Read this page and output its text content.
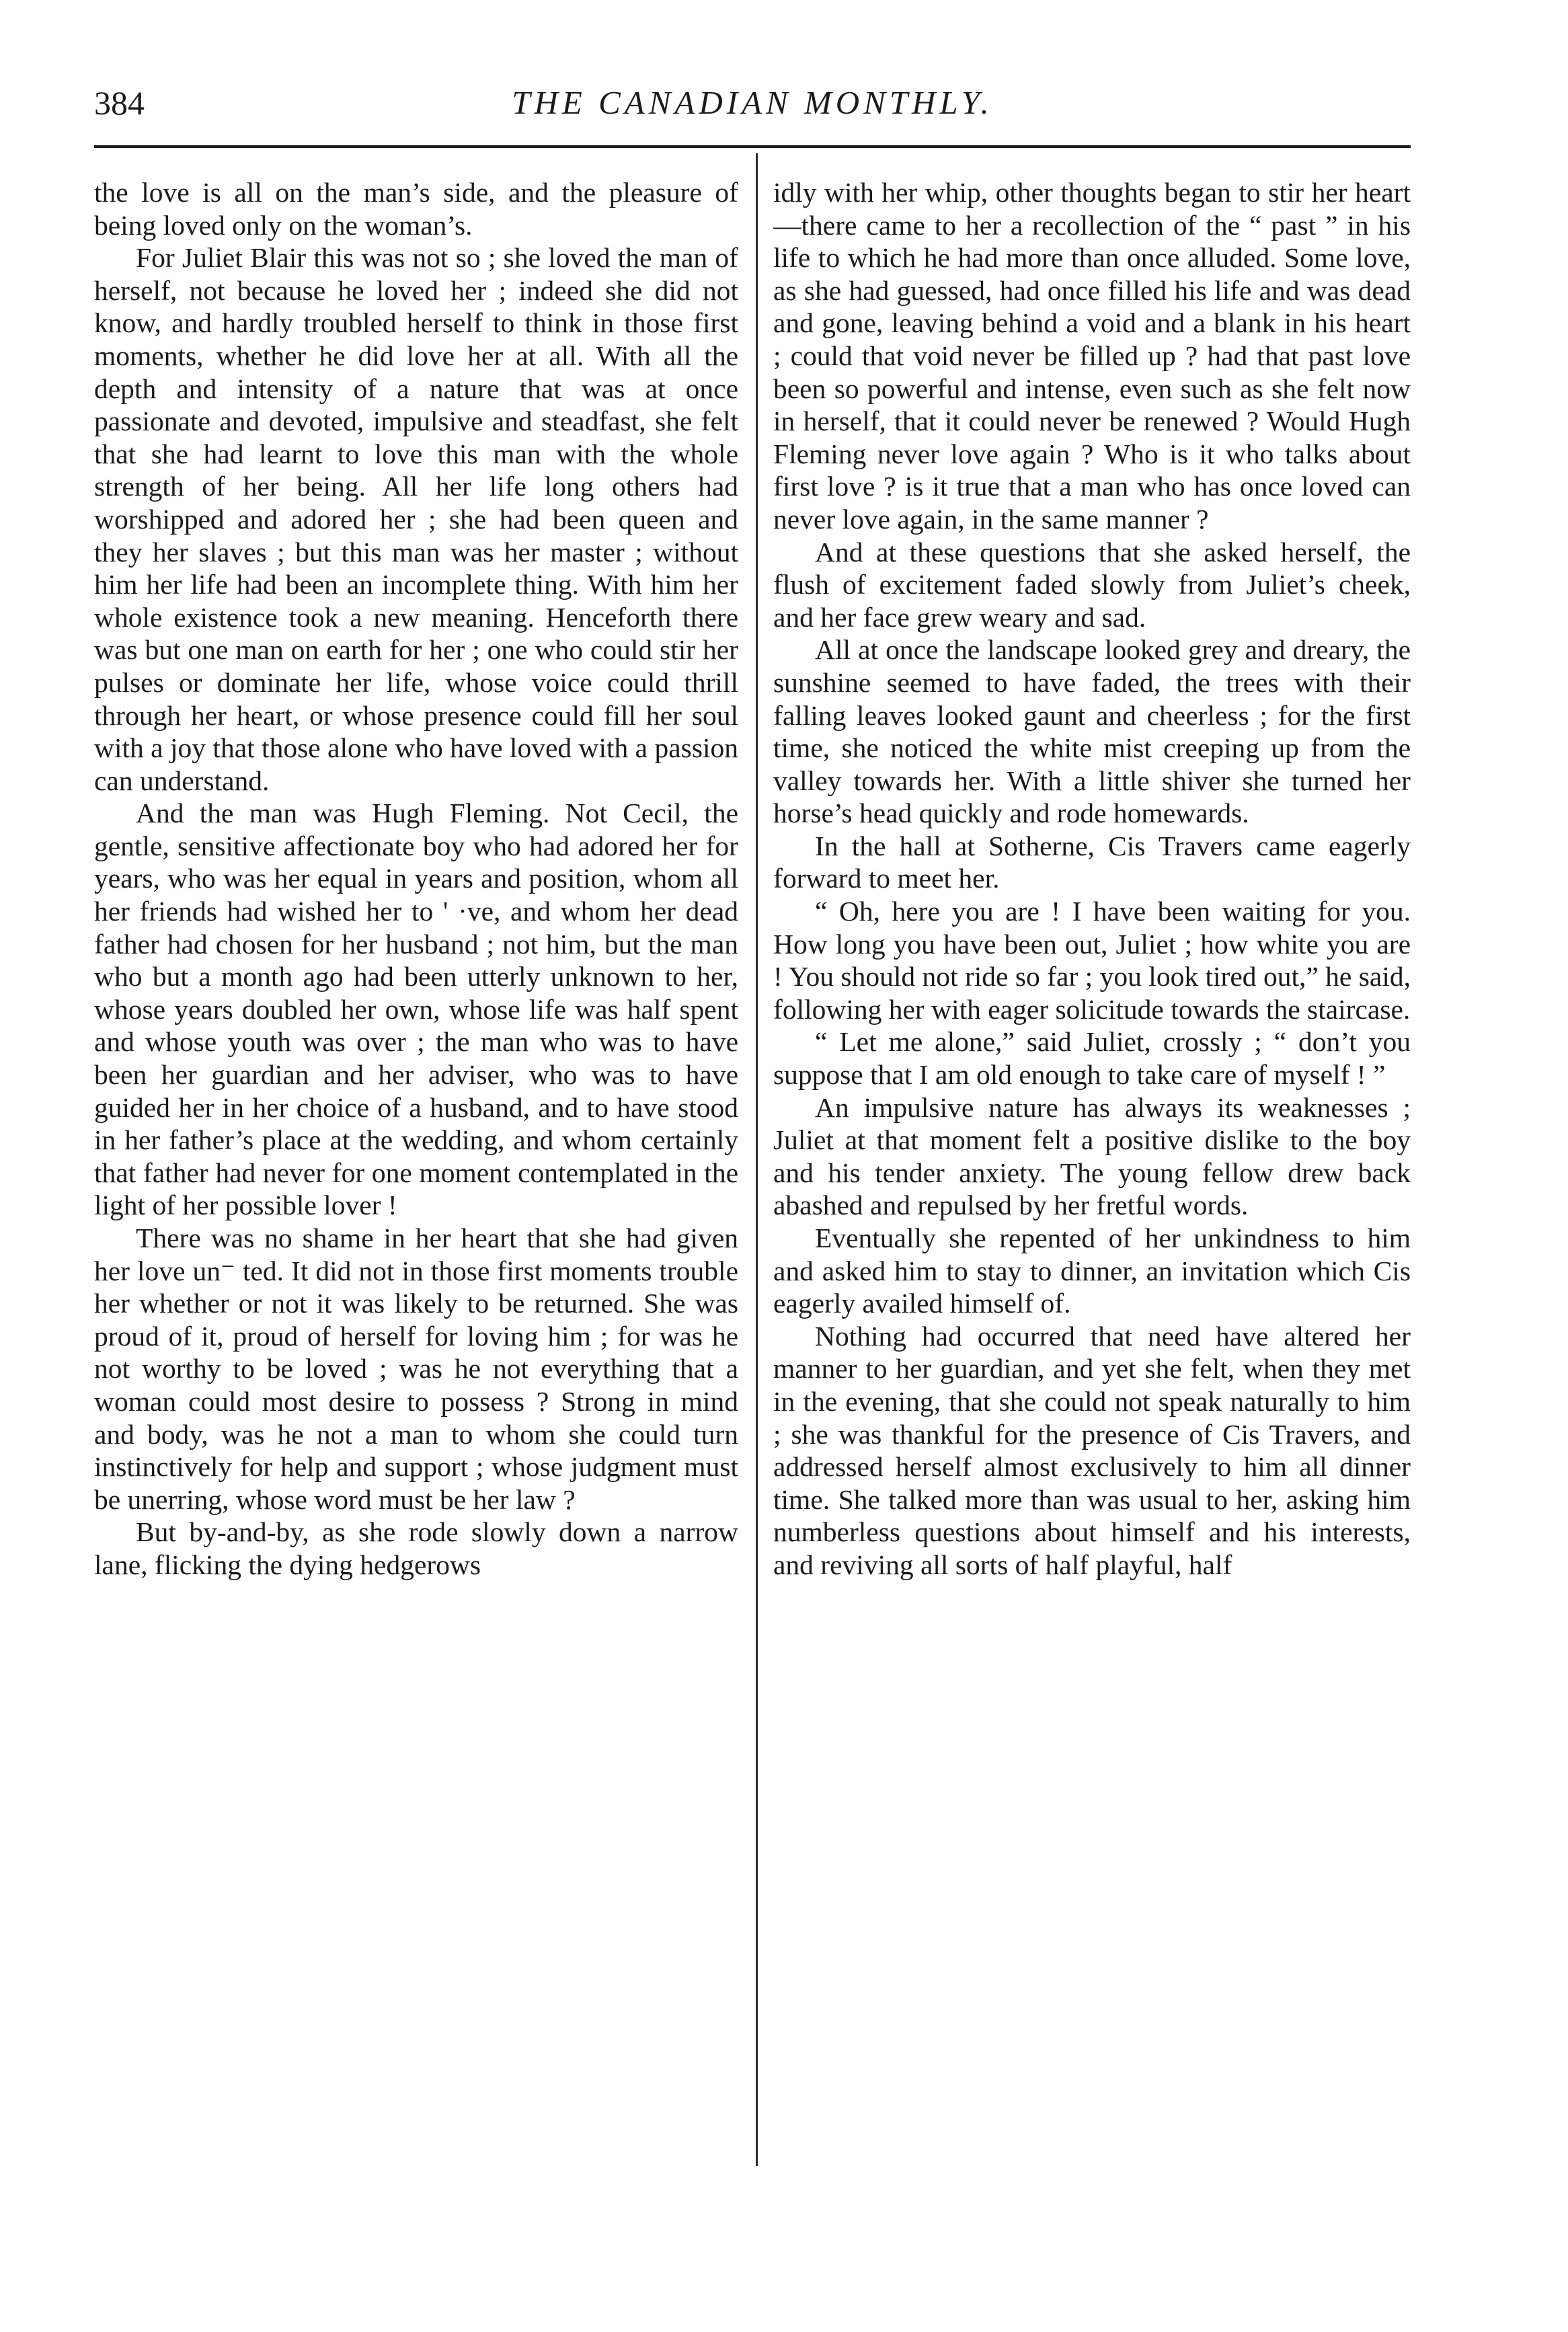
384	THE CANADIAN MONTHLY.

the love is all on the man’s side, and the pleasure of being loved only on the woman’s.

For Juliet Blair this was not so ; she loved the man of herself, not because he loved her ; indeed she did not know, and hardly troubled herself to think in those first moments, whether he did love her at all. With all the depth and intensity of a nature that was at once passionate and devoted, impulsive and steadfast, she felt that she had learnt to love this man with the whole strength of her being. All her life long others had worshipped and adored her ; she had been queen and they her slaves ; but this man was her master ; without him her life had been an incomplete thing. With him her whole existence took a new meaning. Henceforth there was but one man on earth for her ; one who could stir her pulses or dominate her life, whose voice could thrill through her heart, or whose presence could fill her soul with a joy that those alone who have loved with a passion can understand.

And the man was Hugh Fleming. Not Cecil, the gentle, sensitive affectionate boy who had adored her for years, who was her equal in years and position, whom all her friends had wished her to ' ·ve, and whom her dead father had chosen for her husband ; not him, but the man who but a month ago had been utterly unknown to her, whose years doubled her own, whose life was half spent and whose youth was over ; the man who was to have been her guardian and her adviser, who was to have guided her in her choice of a husband, and to have stood in her father’s place at the wedding, and whom certainly that father had never for one moment contemplated in the light of her possible lover !

There was no shame in her heart that she had given her love un⁻ ted. It did not in those first moments trouble her whether or not it was likely to be returned. She was proud of it, proud of herself for loving him ; for was he not worthy to be loved ; was he not everything that a woman could most desire to possess ? Strong in mind and body, was he not a man to whom she could turn instinctively for help and support ; whose judgment must be unerring, whose word must be her law ?

But by-and-by, as she rode slowly down a narrow lane, flicking the dying hedgerows

idly with her whip, other thoughts began to stir her heart—there came to her a recollection of the “ past ” in his life to which he had more than once alluded. Some love, as she had guessed, had once filled his life and was dead and gone, leaving behind a void and a blank in his heart ; could that void never be filled up ? had that past love been so powerful and intense, even such as she felt now in herself, that it could never be renewed ? Would Hugh Fleming never love again ? Who is it who talks about first love ? is it true that a man who has once loved can never love again, in the same manner ?

And at these questions that she asked herself, the flush of excitement faded slowly from Juliet’s cheek, and her face grew weary and sad.

All at once the landscape looked grey and dreary, the sunshine seemed to have faded, the trees with their falling leaves looked gaunt and cheerless ; for the first time, she noticed the white mist creeping up from the valley towards her. With a little shiver she turned her horse’s head quickly and rode homewards.

In the hall at Sotherne, Cis Travers came eagerly forward to meet her.

“ Oh, here you are ! I have been waiting for you. How long you have been out, Juliet ; how white you are ! You should not ride so far ; you look tired out,” he said, following her with eager solicitude towards the staircase.

“ Let me alone,” said Juliet, crossly ; “ don’t you suppose that I am old enough to take care of myself ! ”

An impulsive nature has always its weaknesses ; Juliet at that moment felt a positive dislike to the boy and his tender anxiety. The young fellow drew back abashed and repulsed by her fretful words.

Eventually she repented of her unkindness to him and asked him to stay to dinner, an invitation which Cis eagerly availed himself of.

Nothing had occurred that need have altered her manner to her guardian, and yet she felt, when they met in the evening, that she could not speak naturally to him ; she was thankful for the presence of Cis Travers, and addressed herself almost exclusively to him all dinner time. She talked more than was usual to her, asking him numberless questions about himself and his interests, and reviving all sorts of half playful, half
